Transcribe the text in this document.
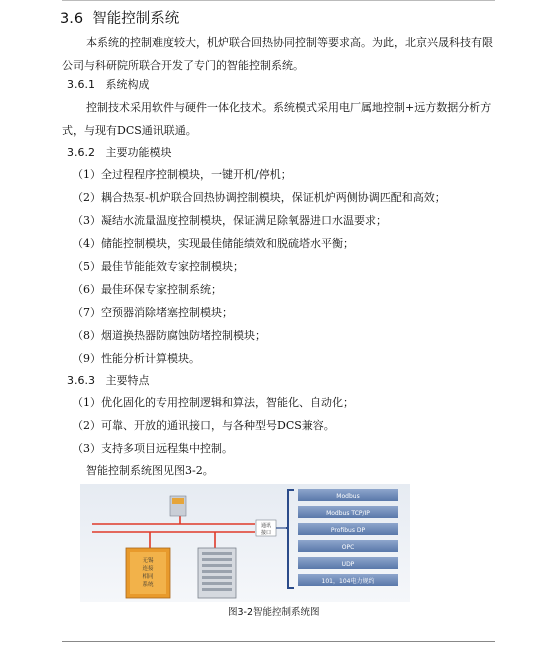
3.6 智能控制系统
本系统的控制难度较大，机炉联合回热协同控制等要求高。为此，北京兴晟科技有限公司与科研院所联合开发了专门的智能控制系统。
3.6.1 系统构成
控制技术采用软件与硬件一体化技术。系统模式采用电厂属地控制+远方数据分析方式，与现有DCS通讯联通。
3.6.2 主要功能模块
（1）全过程程序控制模块，一键开机/停机；
（2）耦合热泵-机炉联合回热协调控制模块，保证机炉两侧协调匹配和高效；
（3）凝结水流量温度控制模块，保证满足除氧器进口水温要求；
（4）储能控制模块，实现最佳储能绩效和脱硫塔水平衡；
（5）最佳节能能效专家控制模块；
（6）最佳环保专家控制系统；
（7）空预器消除堵塞控制模块；
（8）烟道换热器防腐蚀防堵控制模块；
（9）性能分析计算模块。
3.6.3 主要特点
（1）优化固化的专用控制逻辑和算法，智能化、自动化；
（2）可靠、开放的通讯接口，与各种型号DCS兼容。
（3）支持多项目远程集中控制。
智能控制系统图见图3-2。
无锡
连接
相同
系统
通讯
接口
Modbus
Modbus TCP/IP
Profibus DP
OPC
UDP
101，104电力规约
图3-2智能控制系统图
